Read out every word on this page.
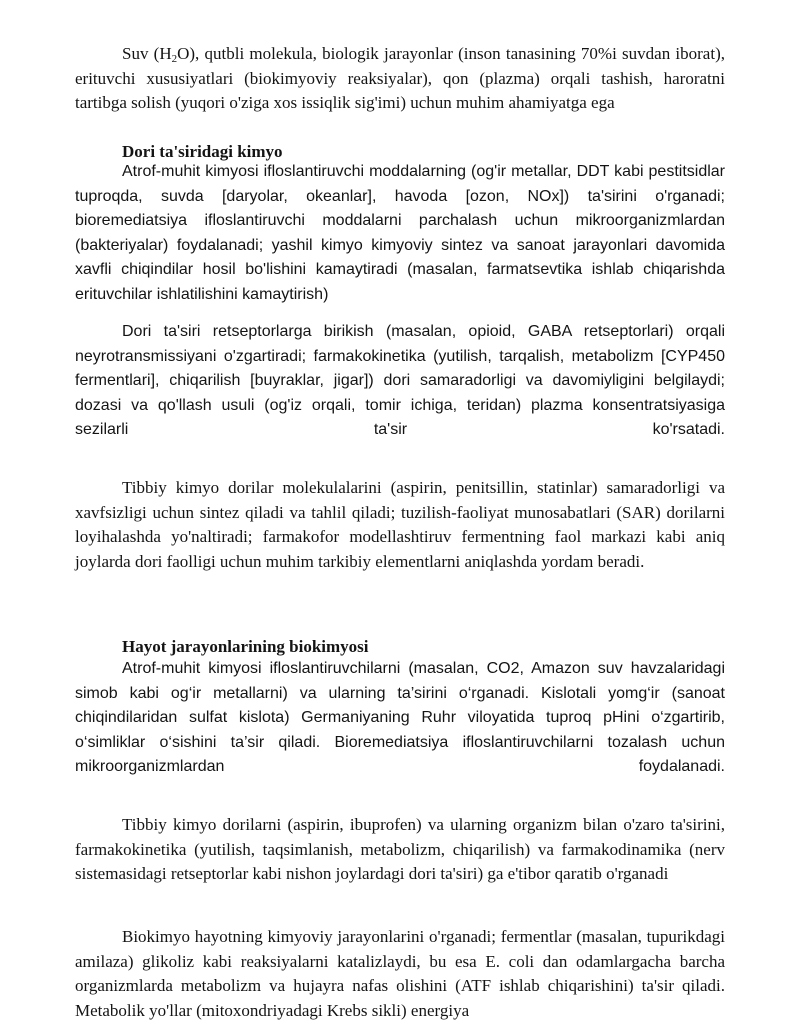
Suv $(H_2O)$, qutbli molekula, biologik jarayonlar (inson tanasining 70%i suvdan iborat), erituvchi xususiyatlari (biokimyoviy reaksiyalar), qon (plazma) orqali tashish, haroratni tartibga solish (yuqori o'ziga xos issiqlik sig'imi) uchun muhim ahamiyatga ega

Dori ta'siridagi kimyo

Atrof-muhit kimyosi ifloslantiruvchi moddalarning (og'ir metallar, DDT kabi pestitsidlar tuproqda, suvda [daryolar, okeanlar], havoda [ozon, NOx]) ta'sirini o'rganadi; bioremediatsiya ifloslantiruvchi moddalarni parchalash uchun mikroorganizmlardan (bakteriyalar) foydalanadi; yashil kimyo kimyoviy sintez va sanoat jarayonlari davomida xavfli chiqindilar hosil bo'lishini kamaytiradi (masalan, farmatsevtika ishlab chiqarishda erituvchilar ishlatilishini kamaytirish)

Dori ta'siri retseptorlarga birikish (masalan, opioid, GABA retseptorlari) orqali neyrotransmissiyani o'zgartiradi; farmakokinetika (yutilish, tarqalish, metabolizm [CYP450 fermentlari], chiqarilish [buyraklar, jigar]) dori samaradorligi va davomiyligini belgilaydi; dozasi va qo'llash usuli (og'iz orqali, tomir ichiga, teridan) plazma konsentratsiyasiga sezilarli ta'sir ko'rsatadi.

Tibbiy kimyo dorilar molekulalarini (aspirin, penitsillin, statinlar) samaradorligi va xavfsizligi uchun sintez qiladi va tahlil qiladi; tuzilish-faoliyat munosabatlari (SAR) dorilarni loyihalashda yo'naltiradi; farmakofor modellashtiruv fermentning faol markazi kabi aniq joylarda dori faolligi uchun muhim tarkibiy elementlarni aniqlashda yordam beradi.

Hayot jarayonlarining biokimyosi

Atrof-muhit kimyosi ifloslantiruvchilarni (masalan, CO2, Amazon suv havzalaridagi simob kabi og‘ir metallarni) va ularning ta’sirini o‘rganadi. Kislotali yomg‘ir (sanoat chiqindilaridan sulfat kislota) Germaniyaning Ruhr viloyatida tuproq pHini o‘zgartirib, o‘simliklar o‘sishini ta’sir qiladi. Bioremediatsiya ifloslantiruvchilarni tozalash uchun mikroorganizmlardan foydalanadi.

Tibbiy kimyo dorilarni (aspirin, ibuprofen) va ularning organizm bilan o'zaro ta'sirini, farmakokinetika (yutilish, taqsimlanish, metabolizm, chiqarilish) va farmakodinamika (nerv sistemasidagi retseptorlar kabi nishon joylardagi dori ta'siri) ga e'tibor qaratib o'rganadi

Biokimyo hayotning kimyoviy jarayonlarini o'rganadi; fermentlar (masalan, tupurikdagi amilaza) glikoliz kabi reaksiyalarni katalizlaydi, bu esa E. coli dan odamlargacha barcha organizmlarda metabolizm va hujayra nafas olishini (ATF ishlab chiqarishini) ta'sir qiladi. Metabolik yo'llar (mitoxondriyadagi Krebs sikli) energiya
